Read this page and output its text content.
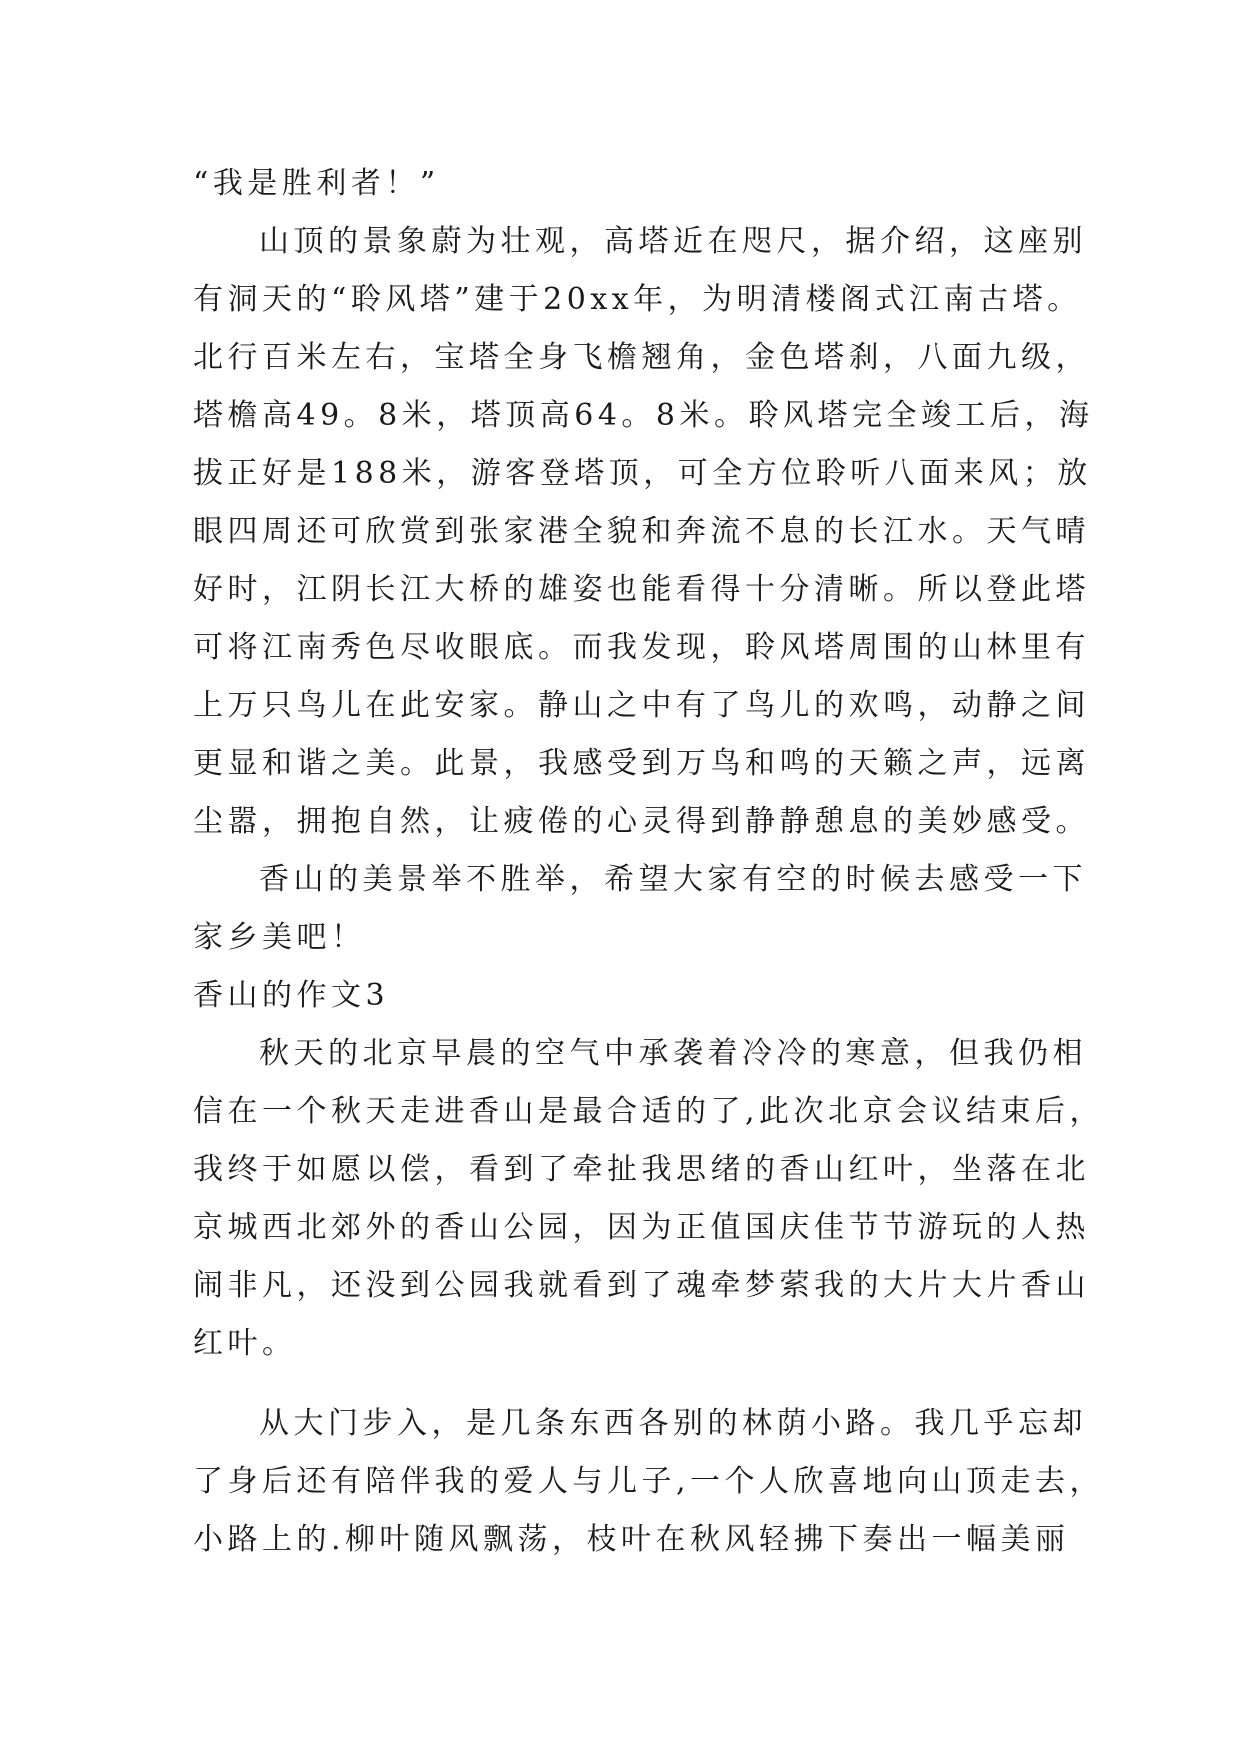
“我是胜利者！”
山顶的景象蔚为壮观，高塔近在咫尺，据介绍，这座别
有洞天的“聆风塔”建于20xx年，为明清楼阁式江南古塔。
北行百米左右，宝塔全身飞檐翘角，金色塔刹，八面九级，
塔檐高49。8米，塔顶高64。8米。聆风塔完全竣工后，海
拔正好是188米，游客登塔顶，可全方位聆听八面来风；放
眼四周还可欣赏到张家港全貌和奔流不息的长江水。天气晴
好时，江阴长江大桥的雄姿也能看得十分清晰。所以登此塔
可将江南秀色尽收眼底。而我发现，聆风塔周围的山林里有
上万只鸟儿在此安家。静山之中有了鸟儿的欢鸣，动静之间
更显和谐之美。此景，我感受到万鸟和鸣的天籁之声，远离
尘嚣，拥抱自然，让疲倦的心灵得到静静憩息的美妙感受。
香山的美景举不胜举，希望大家有空的时候去感受一下
家乡美吧！
香山的作文3
秋天的北京早晨的空气中承袭着冷冷的寒意，但我仍相
信在一个秋天走进香山是最合适的了,此次北京会议结束后，
我终于如愿以偿，看到了牵扯我思绪的香山红叶，坐落在北
京城西北郊外的香山公园，因为正值国庆佳节节游玩的人热
闹非凡，还没到公园我就看到了魂牵梦萦我的大片大片香山
红叶。
从大门步入，是几条东西各别的林荫小路。我几乎忘却
了身后还有陪伴我的爱人与儿子,一个人欣喜地向山顶走去，
小路上的.柳叶随风飘荡，枝叶在秋风轻拂下奏出一幅美丽
